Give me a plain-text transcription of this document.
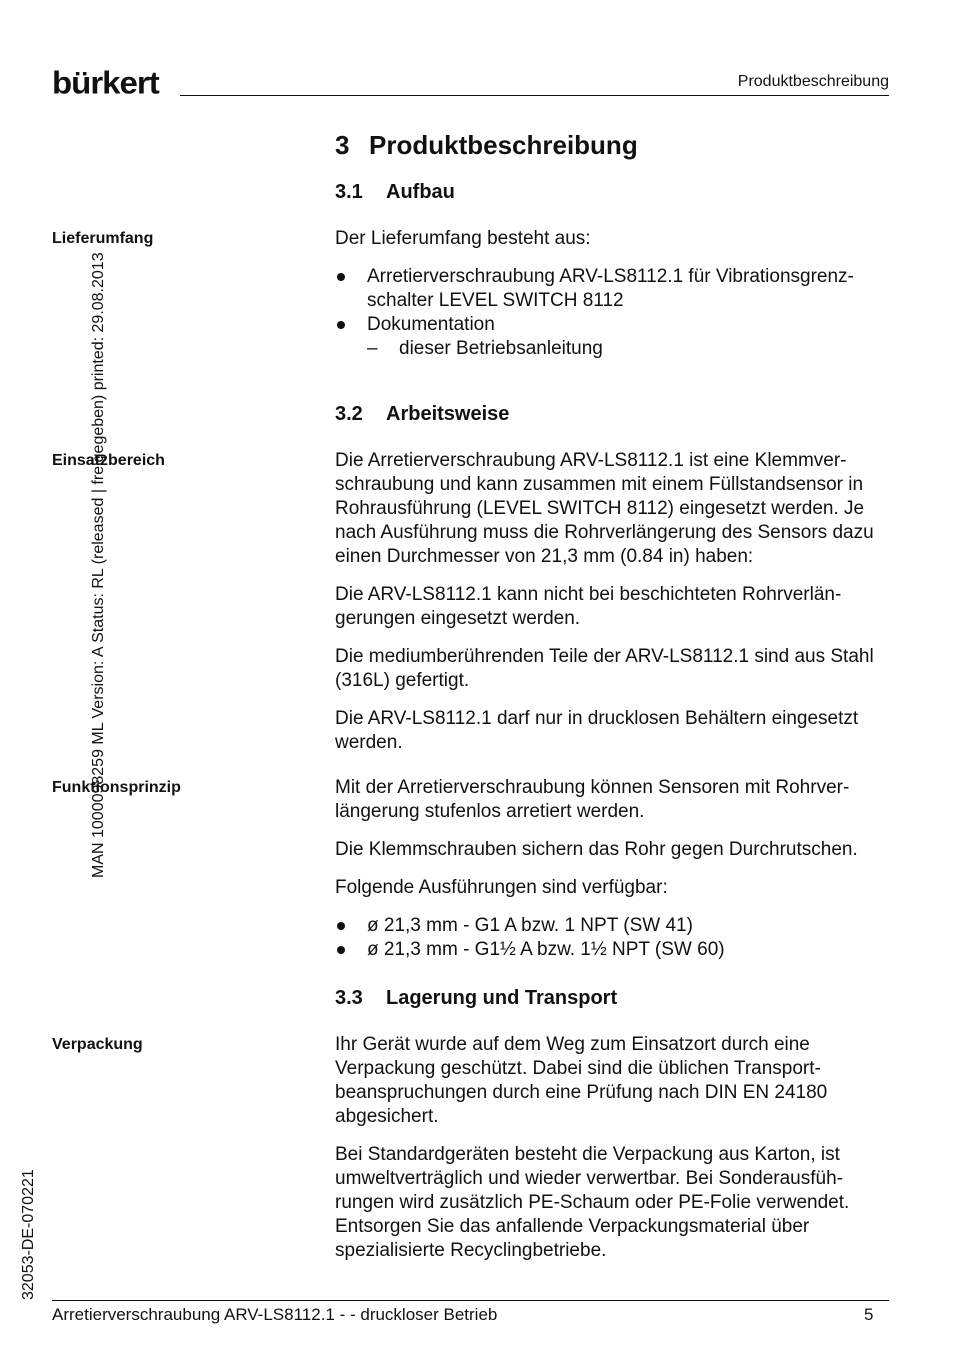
bürkert	Produktbeschreibung
MAN 1000098259 ML Version: A Status: RL (released | freigegeben) printed: 29.08.2013
32053-DE-070221
Lieferumfang
Einsatzbereich
Funktionsprinzip
Verpackung
3 Produktbeschreibung
3.1 Aufbau

Der Lieferumfang besteht aus:

Arretierverschraubung ARV-LS8112.1 für Vibrationsgrenz-schalter LEVEL SWITCH 8112
Dokumentation
– dieser Betriebsanleitung
3.2 Arbeitsweise

Die Arretierverschraubung ARV-LS8112.1 ist eine Klemmver-schraubung und kann zusammen mit einem Füllstandsensor in Rohrausführung (LEVEL SWITCH 8112) eingesetzt werden. Je nach Ausführung muss die Rohrverlängerung des Sensors dazu einen Durchmesser von 21,3 mm (0.84 in) haben:

Die ARV-LS8112.1 kann nicht bei beschichteten Rohrverlän-gerungen eingesetzt werden.

Die mediumberührenden Teile der ARV-LS8112.1 sind aus Stahl (316L) gefertigt.

Die ARV-LS8112.1 darf nur in drucklosen Behältern eingesetzt werden.

Mit der Arretierverschraubung können Sensoren mit Rohrver-längerung stufenlos arretiert werden.

Die Klemmschrauben sichern das Rohr gegen Durchrutschen.

Folgende Ausführungen sind verfügbar:

ø 21,3 mm - G1 A bzw. 1 NPT (SW 41)
ø 21,3 mm - G1½ A bzw. 1½ NPT (SW 60)
3.3 Lagerung und Transport

Ihr Gerät wurde auf dem Weg zum Einsatzort durch eine Verpackung geschützt. Dabei sind die üblichen Transport-beanspruchungen durch eine Prüfung nach DIN EN 24180 abgesichert.

Bei Standardgeräten besteht die Verpackung aus Karton, ist umweltverträglich und wieder verwertbar. Bei Sonderausfüh-rungen wird zusätzlich PE-Schaum oder PE-Folie verwendet. Entsorgen Sie das anfallende Verpackungsmaterial über spezialisierte Recyclingbetriebe.

Arretierverschraubung ARV-LS8112.1 - - druckloser Betrieb	5
